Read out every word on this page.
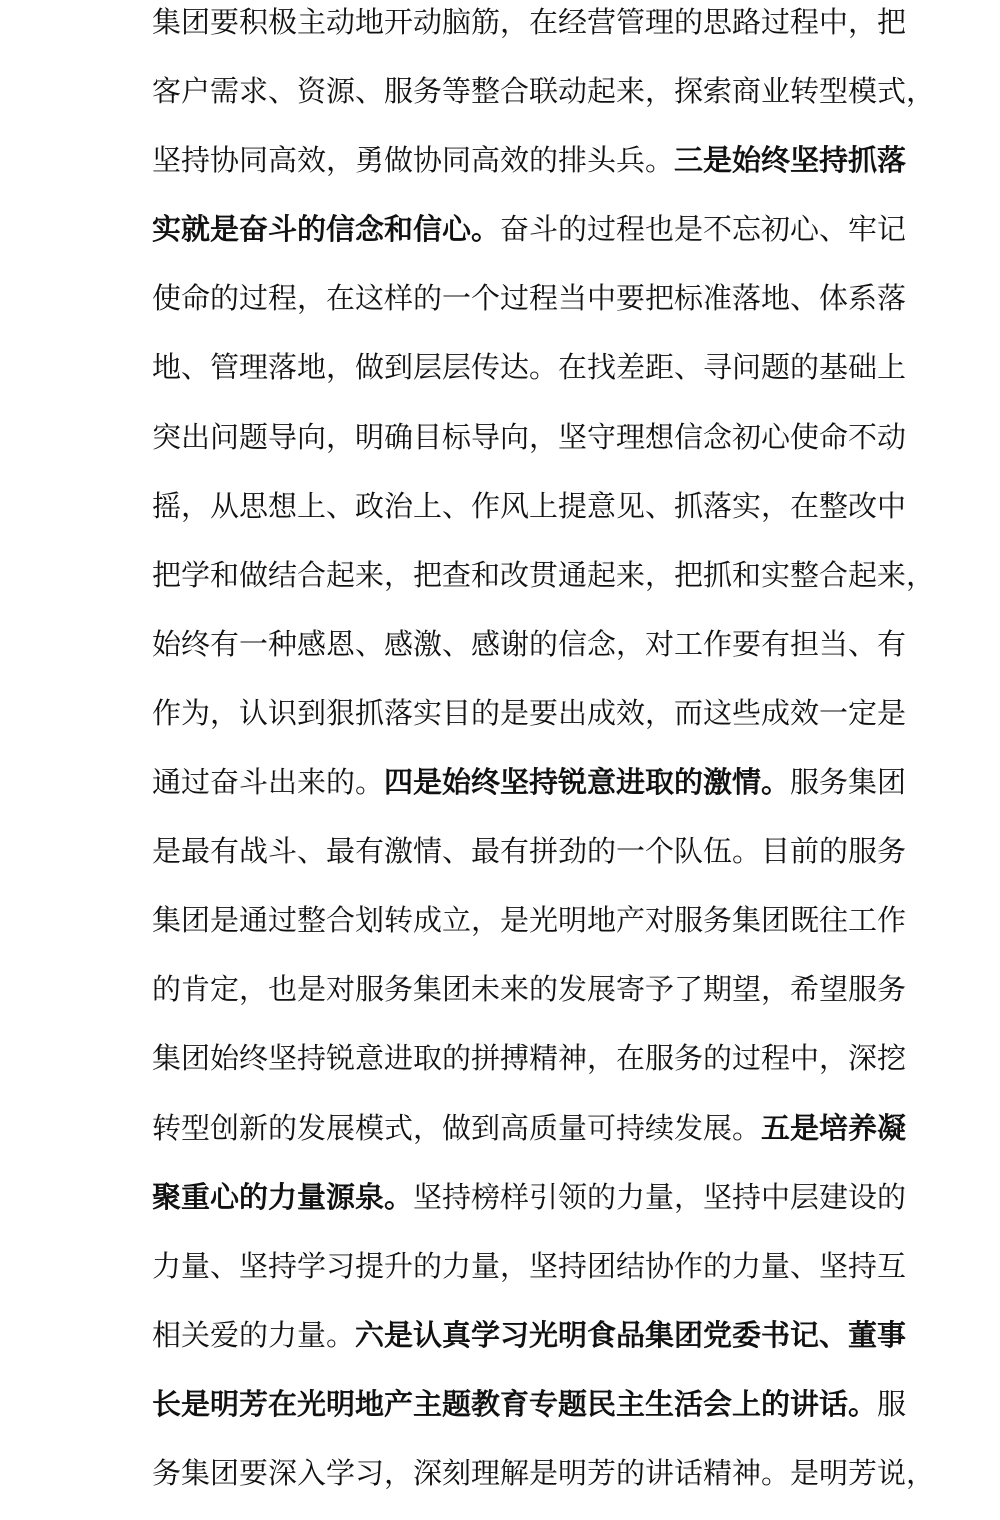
集团要积极主动地开动脑筋，在经营管理的思路过程中，把
客户需求、资源、服务等整合联动起来，探索商业转型模式，
坚持协同高效，勇做协同高效的排头兵。三是始终坚持抓落
实就是奋斗的信念和信心。奋斗的过程也是不忘初心、牢记
使命的过程，在这样的一个过程当中要把标准落地、体系落
地、管理落地，做到层层传达。在找差距、寻问题的基础上
突出问题导向，明确目标导向，坚守理想信念初心使命不动
摇，从思想上、政治上、作风上提意见、抓落实，在整改中
把学和做结合起来，把查和改贯通起来，把抓和实整合起来，
始终有一种感恩、感激、感谢的信念，对工作要有担当、有
作为，认识到狠抓落实目的是要出成效，而这些成效一定是
通过奋斗出来的。四是始终坚持锐意进取的激情。服务集团
是最有战斗、最有激情、最有拼劲的一个队伍。目前的服务
集团是通过整合划转成立，是光明地产对服务集团既往工作
的肯定，也是对服务集团未来的发展寄予了期望，希望服务
集团始终坚持锐意进取的拼搏精神，在服务的过程中，深挖
转型创新的发展模式，做到高质量可持续发展。五是培养凝
聚重心的力量源泉。坚持榜样引领的力量，坚持中层建设的
力量、坚持学习提升的力量，坚持团结协作的力量、坚持互
相关爱的力量。六是认真学习光明食品集团党委书记、董事
长是明芳在光明地产主题教育专题民主生活会上的讲话。服
务集团要深入学习，深刻理解是明芳的讲话精神。是明芳说，
